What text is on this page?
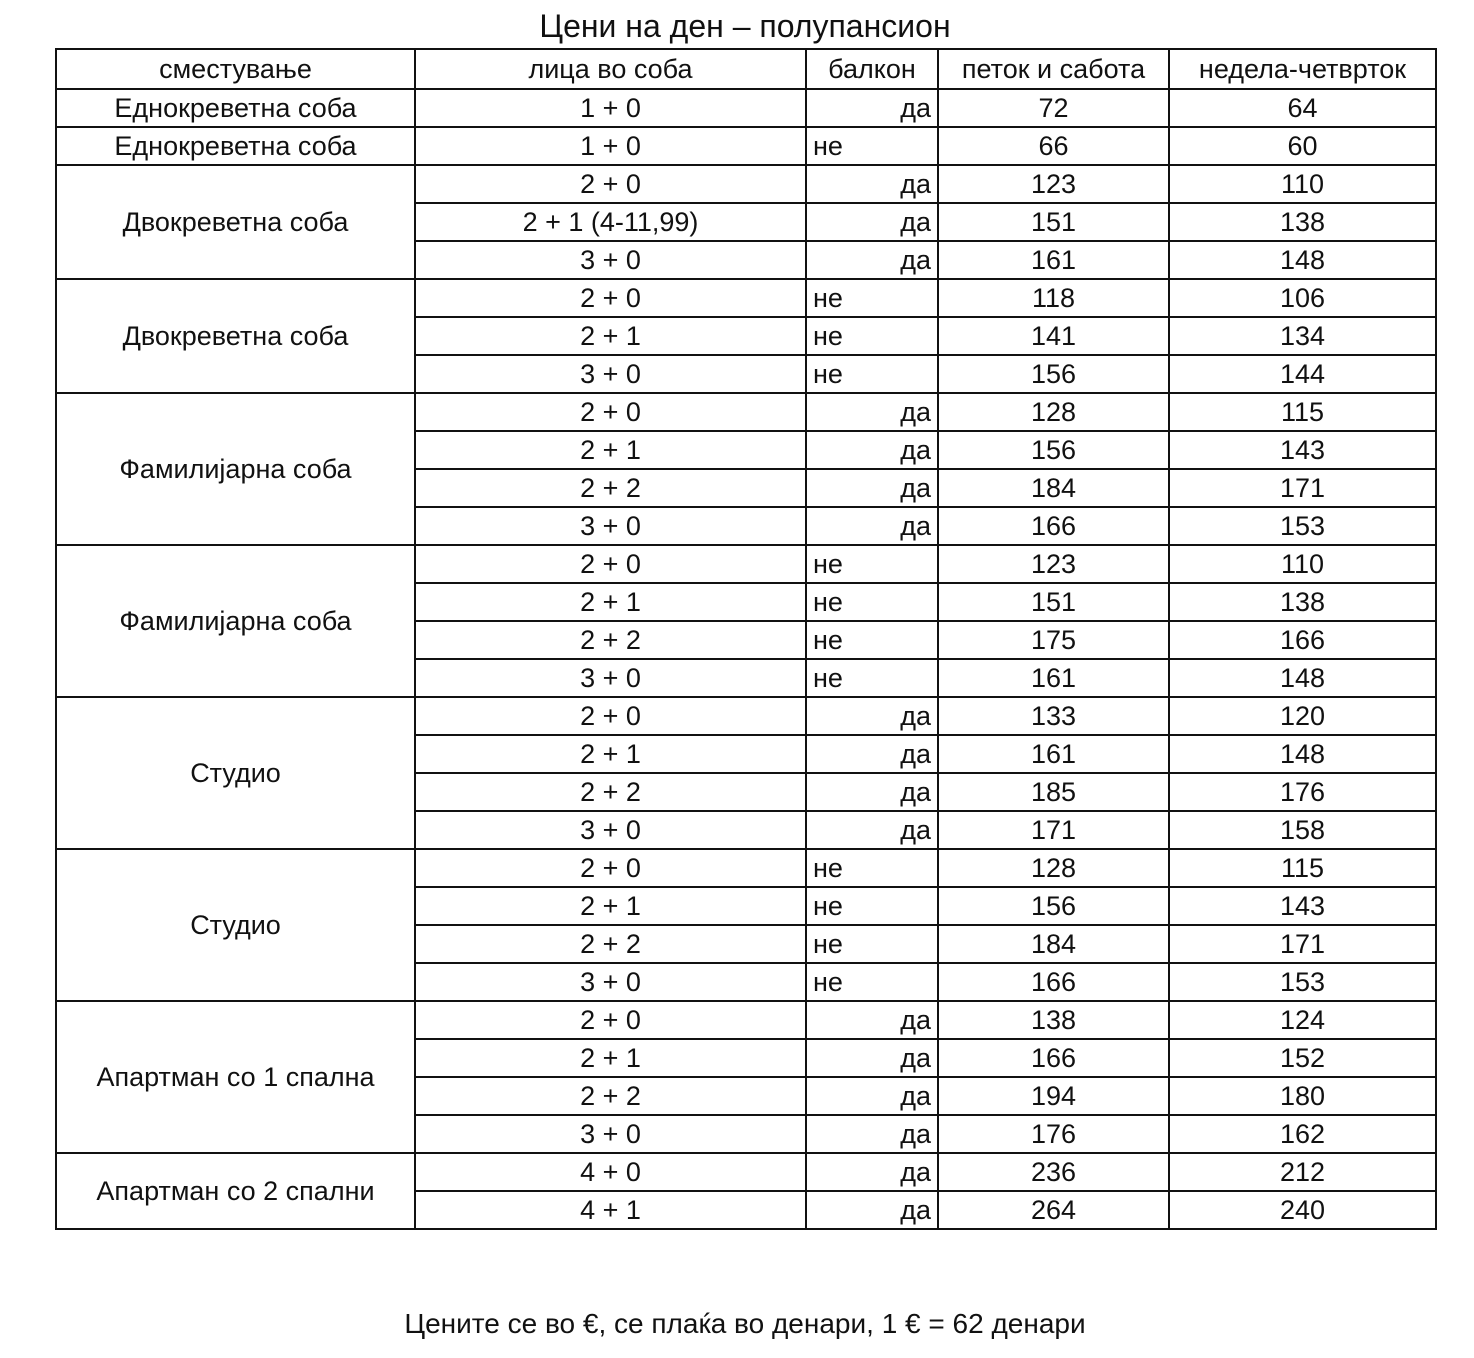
Цени на ден – полупансион
сместување	лица во соба	балкон	петок и сабота	недела-четврток
Еднокреветна соба	1 + 0	да	72	64
Еднокреветна соба	1 + 0	не	66	60
Двокреветна соба	2 + 0	да	123	110
	2 + 1 (4-11,99)	да	151	138
	3 + 0	да	161	148
Двокреветна соба	2 + 0	не	118	106
	2 + 1	не	141	134
	3 + 0	не	156	144
Фамилијарна соба	2 + 0	да	128	115
	2 + 1	да	156	143
	2 + 2	да	184	171
	3 + 0	да	166	153
Фамилијарна соба	2 + 0	не	123	110
	2 + 1	не	151	138
	2 + 2	не	175	166
	3 + 0	не	161	148
Студио	2 + 0	да	133	120
	2 + 1	да	161	148
	2 + 2	да	185	176
	3 + 0	да	171	158
Студио	2 + 0	не	128	115
	2 + 1	не	156	143
	2 + 2	не	184	171
	3 + 0	не	166	153
Апартман со 1 спална	2 + 0	да	138	124
	2 + 1	да	166	152
	2 + 2	да	194	180
	3 + 0	да	176	162
Апартман со 2 спални	4 + 0	да	236	212
	4 + 1	да	264	240
Цените се во €, се плаќа во денари, 1 € = 62 денари
